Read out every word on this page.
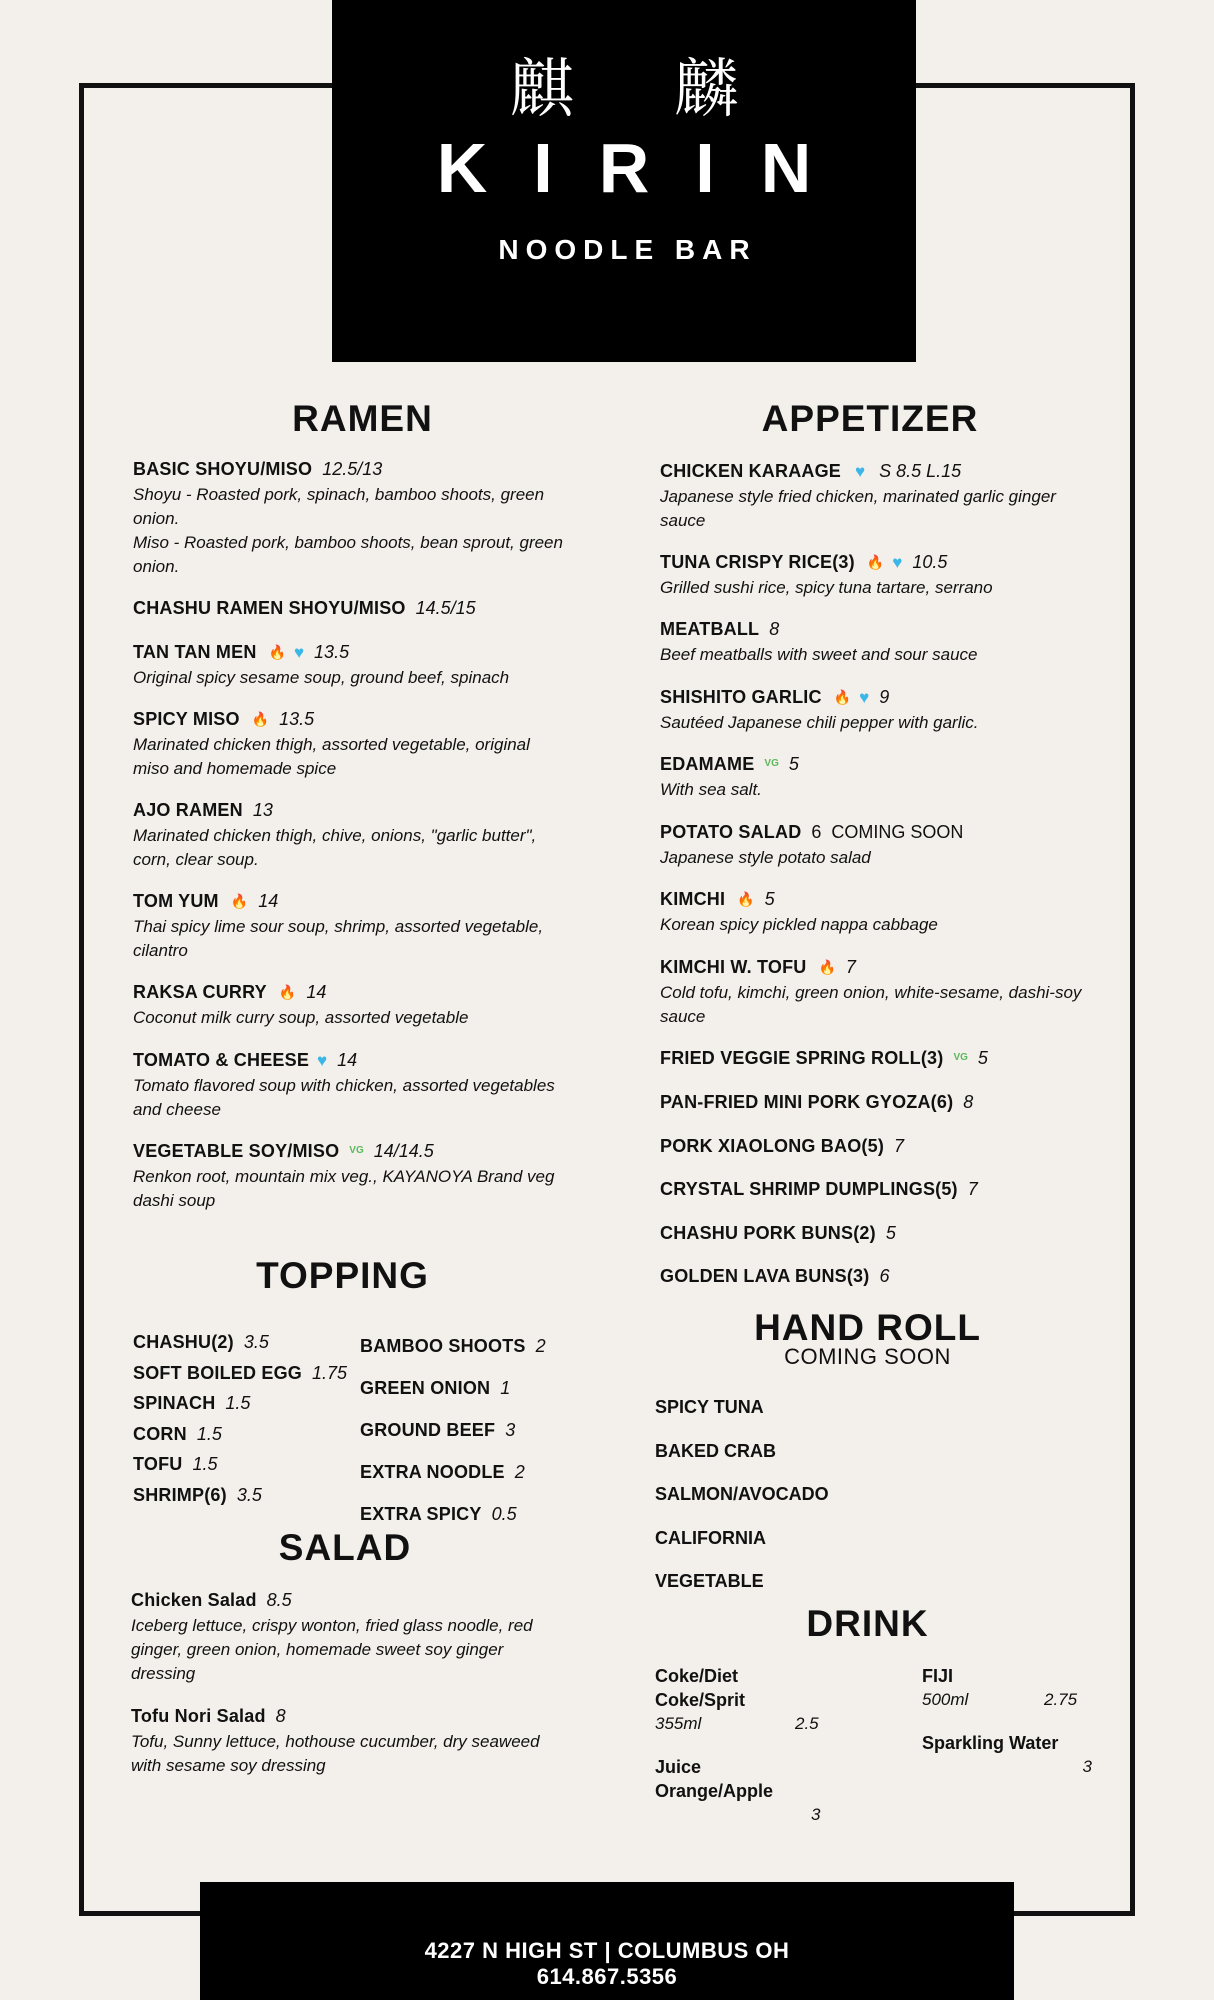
麒 麟
KIRIN
NOODLE BAR
RAMEN
BASIC SHOYU/MISO 12.5/13
Shoyu - Roasted pork, spinach, bamboo shoots, green onion.
Miso - Roasted pork, bamboo shoots, bean sprout, green onion.
CHASHU RAMEN SHOYU/MISO 14.5/15
TAN TAN MEN 🔥 ♥ 13.5
Original spicy sesame soup, ground beef, spinach
SPICY MISO 🔥 13.5
Marinated chicken thigh, assorted vegetable, original miso and homemade spice
AJO RAMEN 13
Marinated chicken thigh, chive, onions, "garlic butter", corn, clear soup.
TOM YUM 🔥 14
Thai spicy lime sour soup, shrimp, assorted vegetable, cilantro
RAKSA CURRY 🔥 14
Coconut milk curry soup, assorted vegetable
TOMATO & CHEESE ♥ 14
Tomato flavored soup with chicken, assorted vegetables and cheese
VEGETABLE SOY/MISO $^{VG}$ 14/14.5
Renkon root, mountain mix veg., KAYANOYA Brand veg dashi soup
TOPPING
CHASHU(2) 3.5
SOFT BOILED EGG 1.75
SPINACH 1.5
CORN 1.5
TOFU 1.5
SHRIMP(6) 3.5
BAMBOO SHOOTS 2
GREEN ONION 1
GROUND BEEF 3
EXTRA NOODLE 2
EXTRA SPICY 0.5
SALAD
Chicken Salad 8.5
Iceberg lettuce, crispy wonton, fried glass noodle, red ginger, green onion, homemade sweet soy ginger dressing
Tofu Nori Salad 8
Tofu, Sunny lettuce, hothouse cucumber, dry seaweed with sesame soy dressing
APPETIZER
CHICKEN KARAAGE ♥ S 8.5 L.15
Japanese style fried chicken, marinated garlic ginger sauce
TUNA CRISPY RICE(3) 🔥 ♥ 10.5
Grilled sushi rice, spicy tuna tartare, serrano
MEATBALL 8
Beef meatballs with sweet and sour sauce
SHISHITO GARLIC 🔥 ♥ 9
Sautéed Japanese chili pepper with garlic.
EDAMAME $^{VG}$ 5
With sea salt.
POTATO SALAD 6 COMING SOON
Japanese style potato salad
KIMCHI 🔥 5
Korean spicy pickled nappa cabbage
KIMCHI W. TOFU 🔥 7
Cold tofu, kimchi, green onion, white-sesame, dashi-soy sauce
FRIED VEGGIE SPRING ROLL(3) $^{VG}$ 5
PAN-FRIED MINI PORK GYOZA(6) 8
PORK XIAOLONG BAO(5) 7
CRYSTAL SHRIMP DUMPLINGS(5) 7
CHASHU PORK BUNS(2) 5
GOLDEN LAVA BUNS(3) 6
HAND ROLL
COMING SOON
SPICY TUNA
BAKED CRAB
SALMON/AVOCADO
CALIFORNIA
VEGETABLE
DRINK
Coke/Diet
Coke/Sprit
355ml	2.5
Juice
Orange/Apple
3
FIJI
500ml	2.75
Sparkling Water
3
4227 N HIGH ST | COLUMBUS OH
614.867.5356
